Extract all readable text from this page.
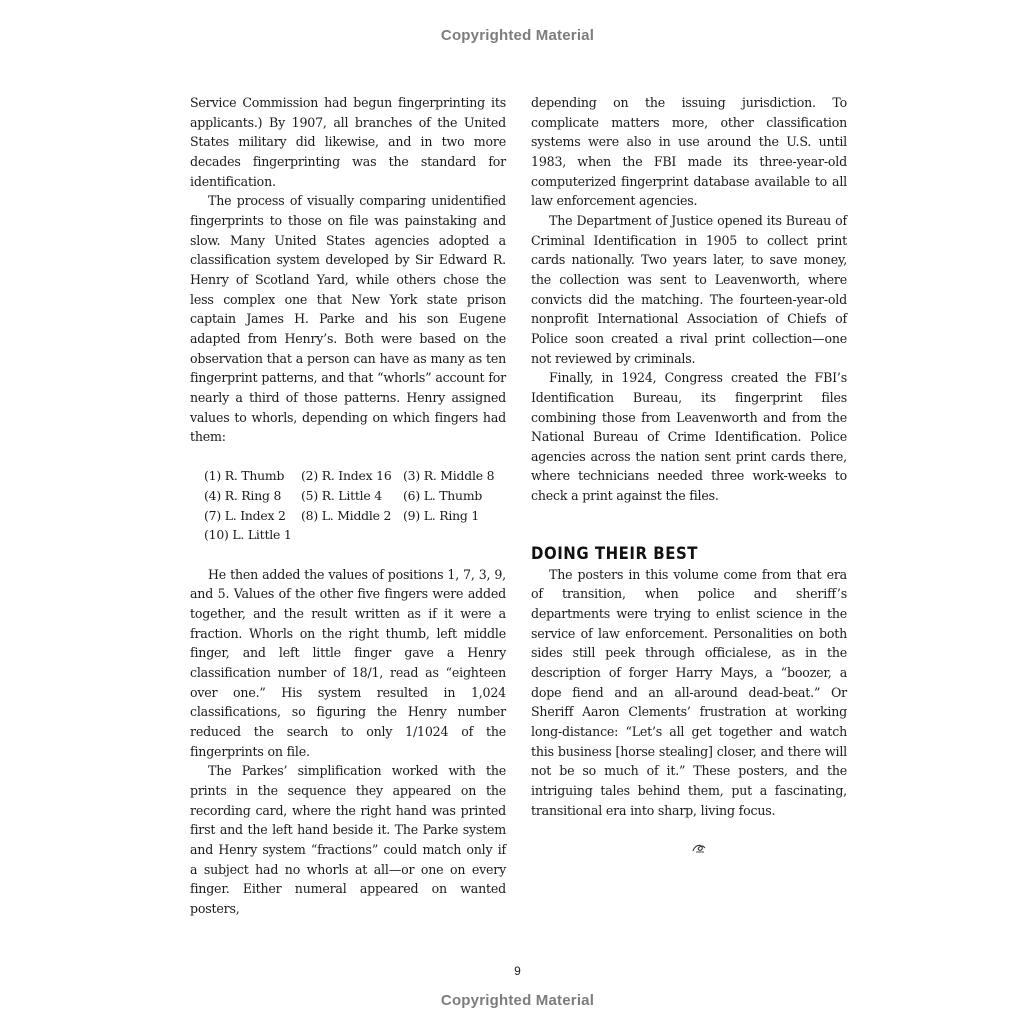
Copyrighted Material

Service Commission had begun fingerprinting its applicants.) By 1907, all branches of the United States military did likewise, and in two more decades fingerprinting was the standard for identification.

The process of visually comparing unidentified fingerprints to those on file was painstaking and slow. Many United States agencies adopted a classification system developed by Sir Edward R. Henry of Scotland Yard, while others chose the less complex one that New York state prison captain James H. Parke and his son Eugene adapted from Henry’s. Both were based on the observation that a person can have as many as ten fingerprint patterns, and that “whorls” account for nearly a third of those patterns. Henry assigned values to whorls, depending on which fingers had them:

(1) R. Thumb	(2) R. Index 16 (3) R. Middle 8
(4) R. Ring 8	(5) R. Little 4	(6) L. Thumb
(7) L. Index 2	(8) L. Middle 2 (9) L. Ring 1
(10) L. Little 1

He then added the values of positions 1, 7, 3, 9, and 5. Values of the other five fingers were added together, and the result written as if it were a fraction. Whorls on the right thumb, left middle finger, and left little finger gave a Henry classification number of 18/1, read as “eighteen over one.” His system resulted in 1,024 classifications, so figuring the Henry number reduced the search to only 1/1024 of the fingerprints on file.

The Parkes’ simplification worked with the prints in the sequence they appeared on the recording card, where the right hand was printed first and the left hand beside it. The Parke system and Henry system “fractions” could match only if a subject had no whorls at all—or one on every finger. Either numeral appeared on wanted posters,

depending on the issuing jurisdiction. To complicate matters more, other classification systems were also in use around the U.S. until 1983, when the FBI made its three-year-old computerized fingerprint database available to all law enforcement agencies.

The Department of Justice opened its Bureau of Criminal Identification in 1905 to collect print cards nationally. Two years later, to save money, the collection was sent to Leavenworth, where convicts did the matching. The fourteen-year-old nonprofit International Association of Chiefs of Police soon created a rival print collection—one not reviewed by criminals.

Finally, in 1924, Congress created the FBI’s Identification Bureau, its fingerprint files combining those from Leavenworth and from the National Bureau of Crime Identification. Police agencies across the nation sent print cards there, where technicians needed three work-weeks to check a print against the files.

DOING THEIR BEST

The posters in this volume come from that era of transition, when police and sheriff’s departments were trying to enlist science in the service of law enforcement. Personalities on both sides still peek through officialese, as in the description of forger Harry Mays, a “boozer, a dope fiend and an all-around dead-beat.” Or Sheriff Aaron Clements’ frustration at working long-distance: “Let’s all get together and watch this business [horse stealing] closer, and there will not be so much of it.” These posters, and the intriguing tales behind them, put a fascinating, transitional era into sharp, living focus.

9
Copyrighted Material
